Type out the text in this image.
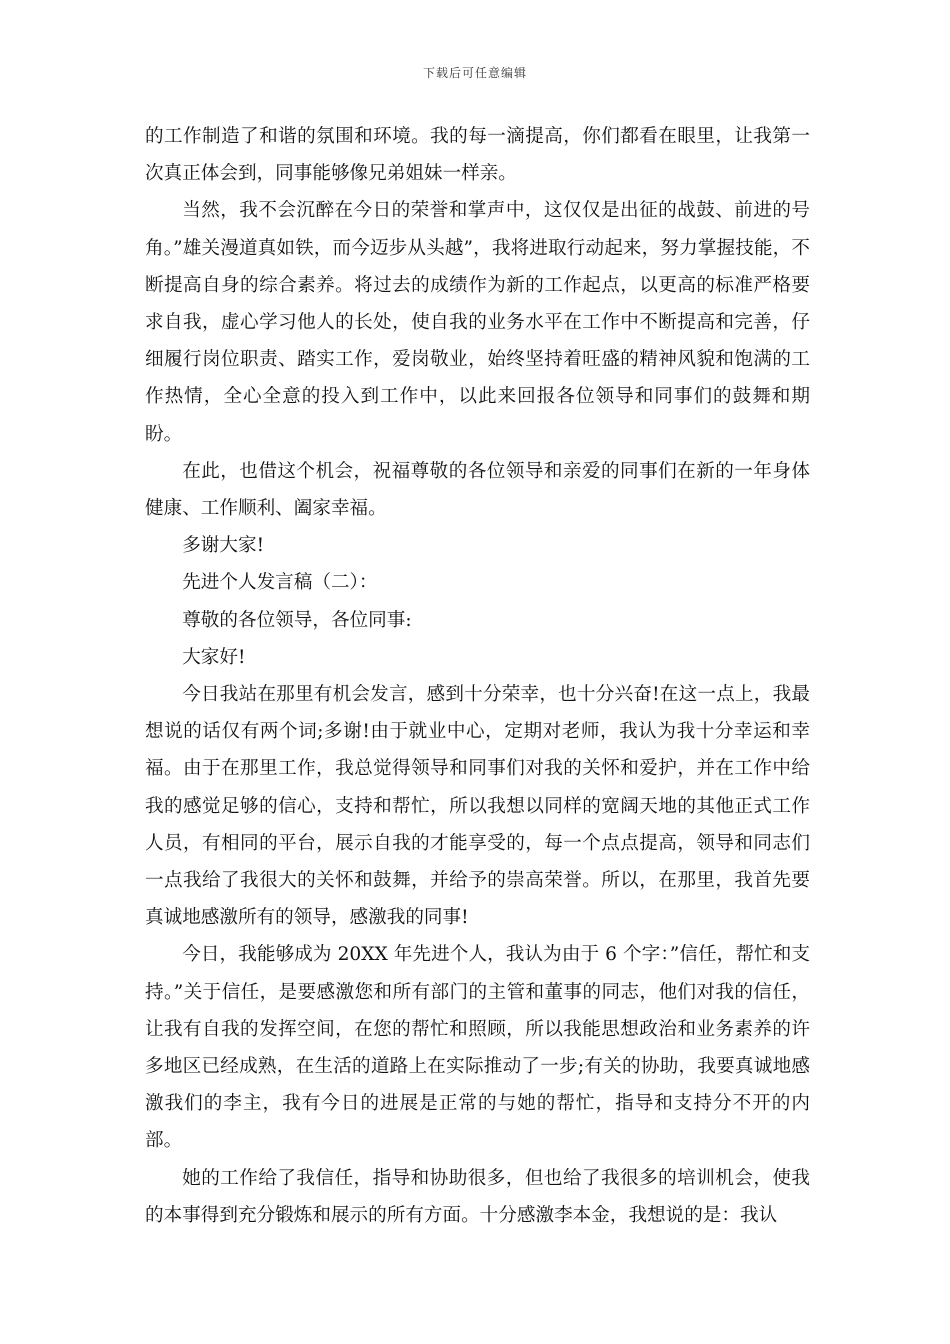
下载后可任意编辑

的工作制造了和谐的氛围和环境。我的每一滴提高，你们都看在眼里，让我第一次真正体会到，同事能够像兄弟姐妹一样亲。

当然，我不会沉醉在今日的荣誉和掌声中，这仅仅是出征的战鼓、前进的号角。”雄关漫道真如铁，而今迈步从头越”，我将进取行动起来，努力掌握技能，不断提高自身的综合素养。将过去的成绩作为新的工作起点，以更高的标准严格要求自我，虚心学习他人的长处，使自我的业务水平在工作中不断提高和完善，仔细履行岗位职责、踏实工作，爱岗敬业，始终坚持着旺盛的精神风貌和饱满的工作热情，全心全意的投入到工作中，以此来回报各位领导和同事们的鼓舞和期盼。

在此，也借这个机会，祝福尊敬的各位领导和亲爱的同事们在新的一年身体健康、工作顺利、阖家幸福。

多谢大家!

先进个人发言稿（二）：

尊敬的各位领导，各位同事:

大家好!

今日我站在那里有机会发言，感到十分荣幸，也十分兴奋!在这一点上，我最想说的话仅有两个词;多谢!由于就业中心，定期对老师，我认为我十分幸运和幸福。由于在那里工作，我总觉得领导和同事们对我的关怀和爱护，并在工作中给我的感觉足够的信心，支持和帮忙，所以我想以同样的宽阔天地的其他正式工作人员，有相同的平台，展示自我的才能享受的，每一个点点提高，领导和同志们一点我给了我很大的关怀和鼓舞，并给予的崇高荣誉。所以，在那里，我首先要真诚地感激所有的领导，感激我的同事!

今日，我能够成为 20XX 年先进个人，我认为由于 6 个字：”信任，帮忙和支持。”关于信任，是要感激您和所有部门的主管和董事的同志，他们对我的信任，让我有自我的发挥空间，在您的帮忙和照顾，所以我能思想政治和业务素养的许多地区已经成熟，在生活的道路上在实际推动了一步;有关的协助，我要真诚地感激我们的李主，我有今日的进展是正常的与她的帮忙，指导和支持分不开的内部。

她的工作给了我信任，指导和协助很多，但也给了我很多的培训机会，使我的本事得到充分锻炼和展示的所有方面。十分感激李本金，我想说的是：我认
